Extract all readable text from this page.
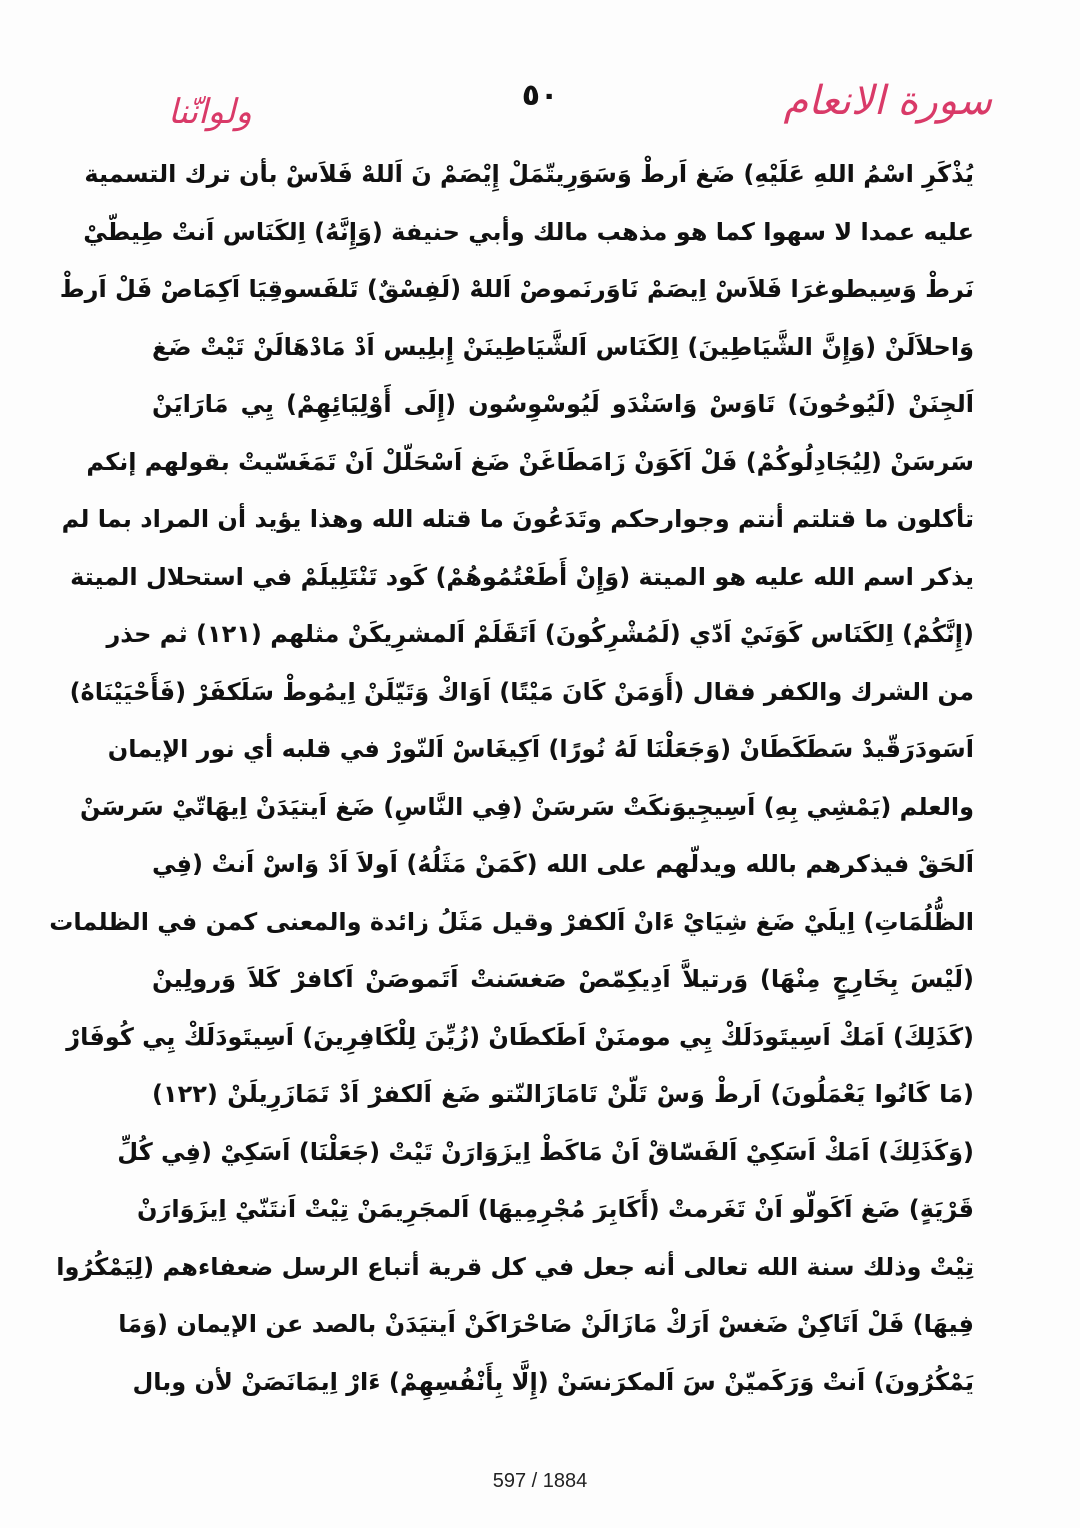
سورة الانعام
٥٠
ولوانّنا
يُذْكَرِ اسْمُ اللهِ عَلَيْهِ) ضَغ اَرطْ وَسَوَرِيتّمَلْ إِيْصَمْ نَ اَللهْ فَلاَسْ بأن ترك التسمية
عليه عمدا لا سهوا كما هو مذهب مالك وأبي حنيفة (وَإِنَّهُ) اِلكَنَاس اَنتْ طِيطّيْ
نَرطْ وَسِيطوغرَا فَلاَسْ اِيصَمْ نَاوَرنَموصْ اَللهْ (لَفِسْقٌ) تَلفَسوقِيَا اَكِمَاصْ فَلْ اَرطْ
وَاحلاَلَنْ (وَإِنَّ الشَّيَاطِينَ) اِلكَنَاس اَلشَّيَاطِينَنْ إِبلِيس اَدْ مَادْهَالَنْ تَيْتْ ضَغ
اَلجِنَنْ (لَيُوحُونَ) تَاوَسْ وَاسَنْدَو لَيُوسْوِسُون (إِلَى أَوْلِيَائِهِمْ) يِي مَارَايَنْ
سَرسَنْ (لِيُجَادِلُوكُمْ) فَلْ اَكَوَنْ زَامَطَاغَنْ ضَغ اَسْحَلّلْ اَنْ تَمَغَسّيتْ بقولهم إنكم
تأكلون ما قتلتم أنتم وجوارحكم وتَدَعُونَ ما قتله الله وهذا يؤيد أن المراد بما لم
يذكر اسم الله عليه هو الميتة (وَإِنْ أَطَعْتُمُوهُمْ) كَود تَنْتَلِيلَمْ في استحلال الميتة
(إِنَّكُمْ) اِلكَنَاس كَوَنَيْ اَدّي (لَمُشْرِكُونَ) اَتَقَلَمْ اَلمشرِيكَنْ مثلهم (١٢١) ثم حذر
من الشرك والكفر فقال (أَوَمَنْ كَانَ مَيْتًا) اَوَاكْ وَتَيّلَنْ اِيمُوطْ سَلَكفَرْ (فَأَحْيَيْنَاهُ)
اَسَودَرَقّيدْ سَطَكَطَانْ (وَجَعَلْنَا لَهُ نُورًا) اَكِيغَاسْ اَلنّورْ في قلبه أي نور الإيمان
والعلم (يَمْشِي بِهِ) اَسِيجِيوَنكَتْ سَرسَنْ (فِي النَّاسِ) ضَغ اَيتيَدَنْ اِيهَاتّيْ سَرسَنْ
اَلحَقْ فيذكرهم بالله ويدلّهم على الله (كَمَنْ مَثَلُهُ) اَولاَ اَدْ وَاسْ اَنتْ (فِي
الظُّلُمَاتِ) اِيلَيْ ضَغ شِيَايْ ءَانْ اَلكفرْ وقيل مَثَلُ زائدة والمعنى كمن في الظلمات
(لَيْسَ بِخَارِجٍ مِنْهَا) وَرتيلاَّ اَدِيكِمّصْ صَغسَنتْ اَتَموصَنْ اَكافرْ كَلاَ وَرولِينْ
(كَذَلِكَ) اَمَكْ اَسِيتَودَلَكْ يِي مومنَنْ اَطَكطَانْ (زُيِّنَ لِلْكَافِرِينَ) اَسِيتَودَلَكْ يِي كُوفَارْ
(مَا كَانُوا يَعْمَلُونَ) اَرطْ وَسْ تَلّنْ تَامَازَالنّتو ضَغ اَلكفرْ اَدْ تَمَازَرِيلَنْ (١٢٢)
(وَكَذَلِكَ) اَمَكْ اَسَكِيْ اَلفَسّاقْ اَنْ مَاكَطْ اِيزَوَارَنْ تَيْتْ (جَعَلْنَا) اَسَكِيْ (فِي كُلِّ
قَرْيَةٍ) ضَغ اَكَولّو اَنْ تَغَرمتْ (أَكَابِرَ مُجْرِمِيهَا) اَلمجَرِيمَنْ تِيْتْ اَنتَنّيْ اِيزَوَارَنْ
تِيْتْ وذلك سنة الله تعالى أنه جعل في كل قرية أتباع الرسل ضعفاءهم (لِيَمْكُرُوا
فِيهَا) فَلْ اَتَاكِنْ ضَغسْ اَرَكْ مَازَالَنْ صَاحْرَاكَنْ اَيتيَدَنْ بالصد عن الإيمان (وَمَا
يَمْكُرُونَ) اَنتْ وَرَكَميّنْ سَ اَلمكرَنسَنْ (إِلَّا بِأَنْفُسِهِمْ) ءَارْ اِيمَانَصَنْ لأن وبال
597 / 1884
